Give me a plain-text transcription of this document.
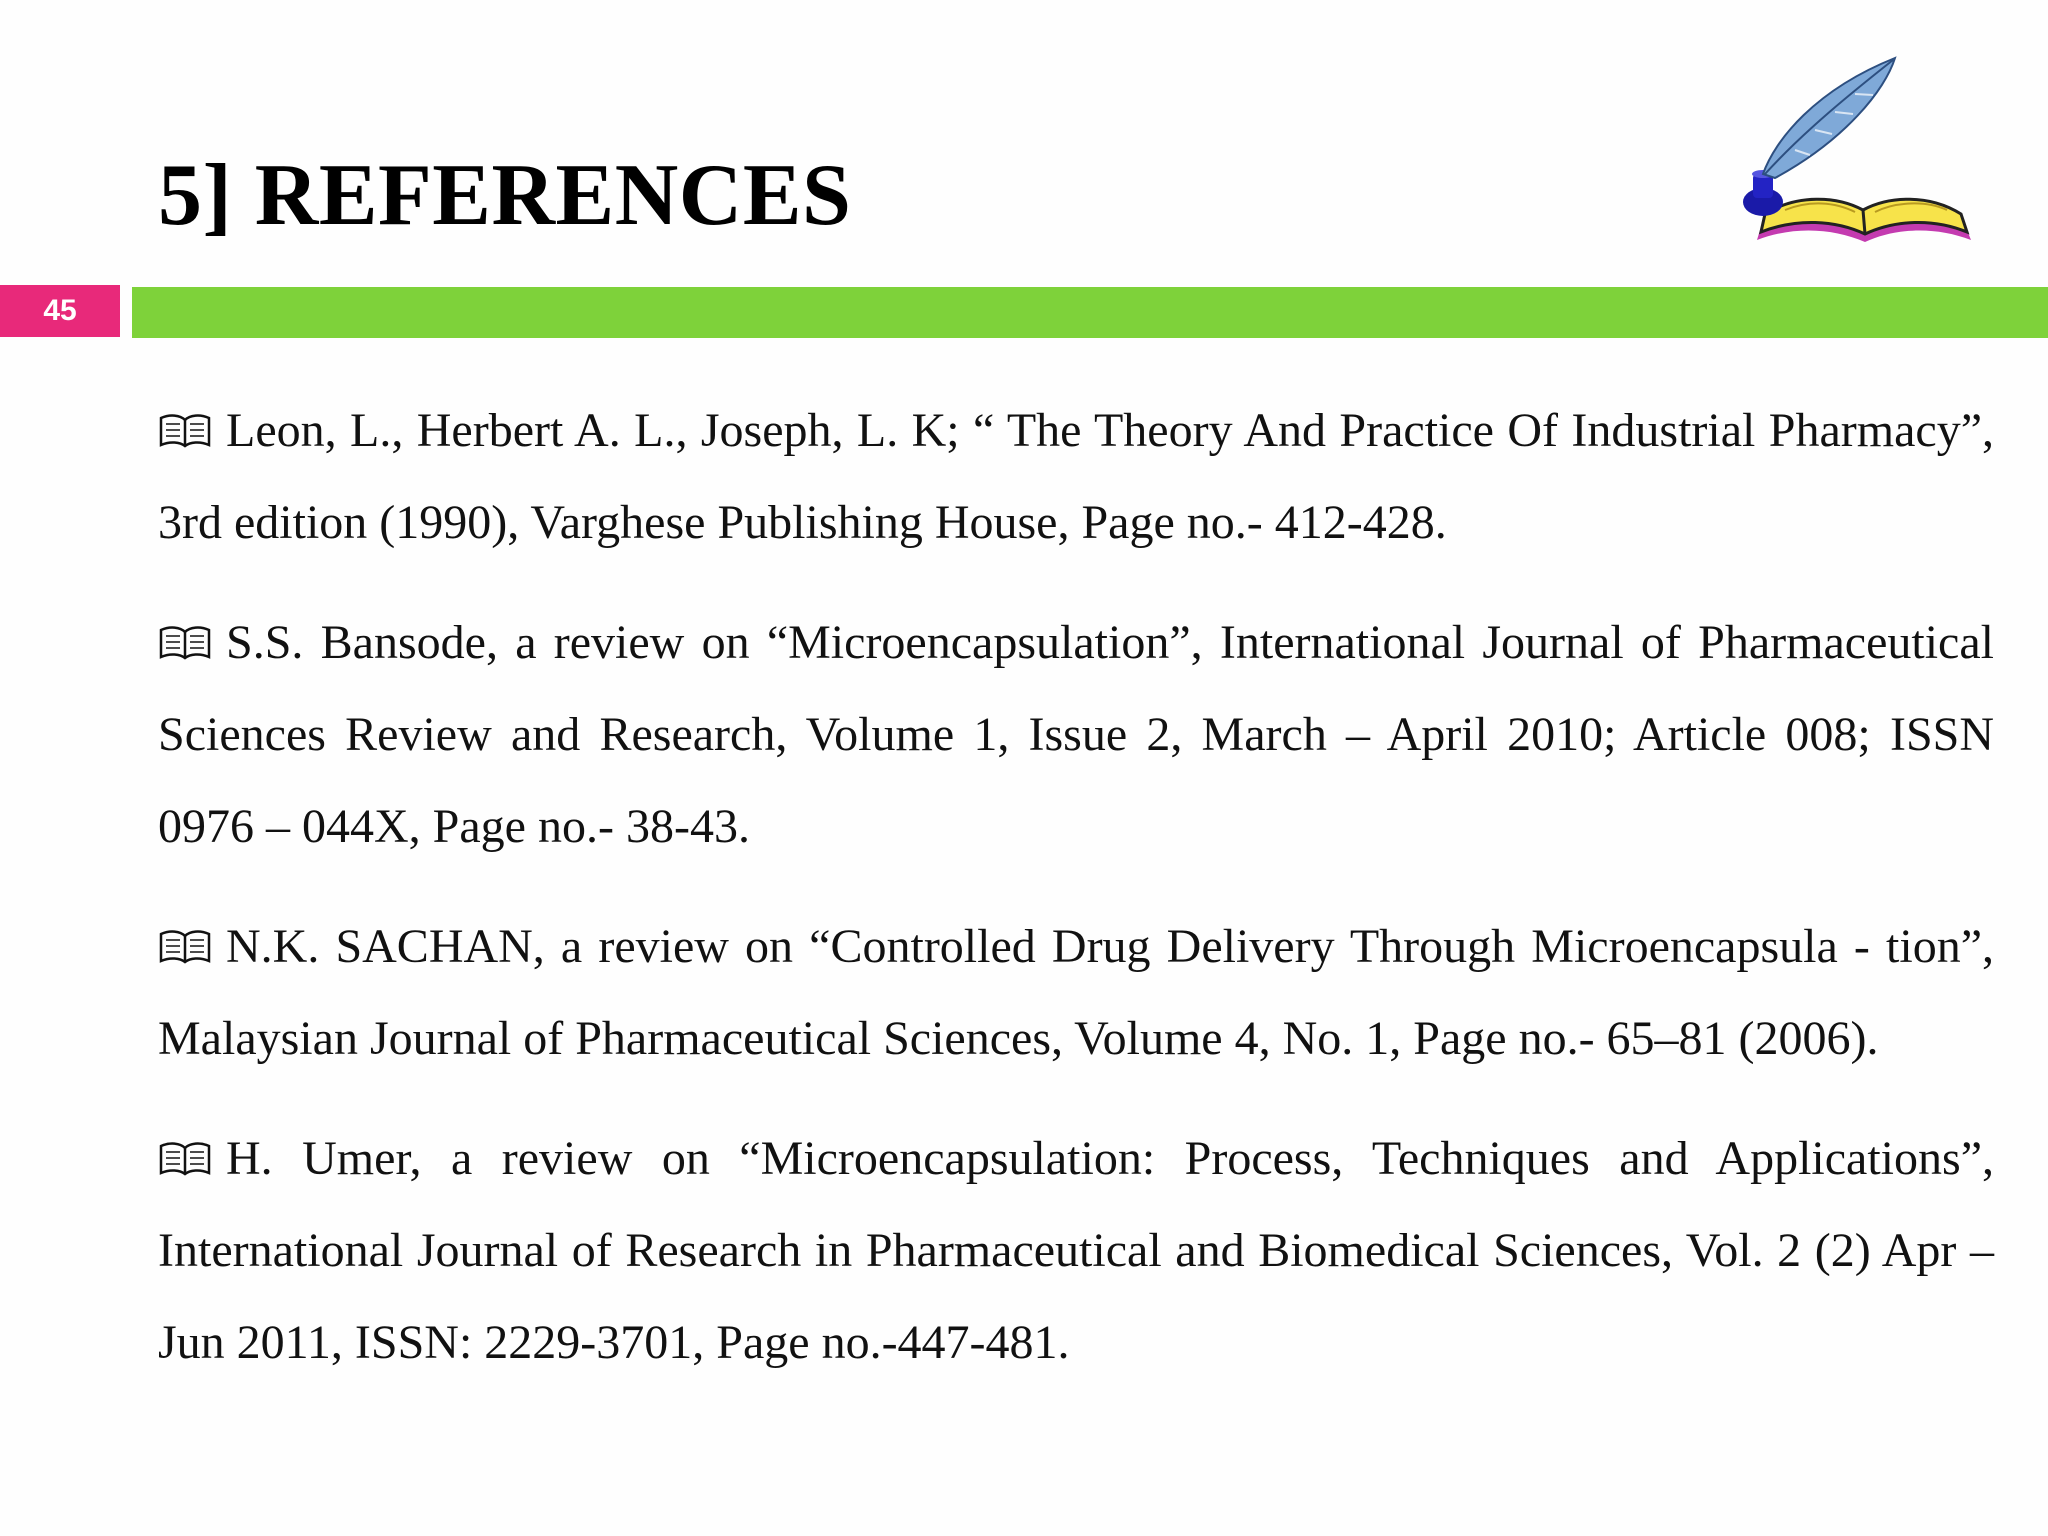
5] REFERENCES
45
Leon, L., Herbert A. L., Joseph, L. K; “ The Theory And Practice Of Industrial Pharmacy”, 3rd edition (1990), Varghese Publishing House, Page no.- 412-428.
S.S. Bansode, a review on “Microencapsulation”, International Journal of Pharmaceutical Sciences Review and Research, Volume 1, Issue 2, March – April 2010; Article 008; ISSN 0976 – 044X, Page no.- 38-43.
N.K. SACHAN, a review on “Controlled Drug Delivery Through Microencapsula - tion”, Malaysian Journal of Pharmaceutical Sciences, Volume 4, No. 1, Page no.- 65–81 (2006).
H. Umer, a review on “Microencapsulation: Process, Techniques and Applications”, International Journal of Research in Pharmaceutical and Biomedical Sciences, Vol. 2 (2) Apr – Jun 2011, ISSN: 2229-3701, Page no.-447-481.
